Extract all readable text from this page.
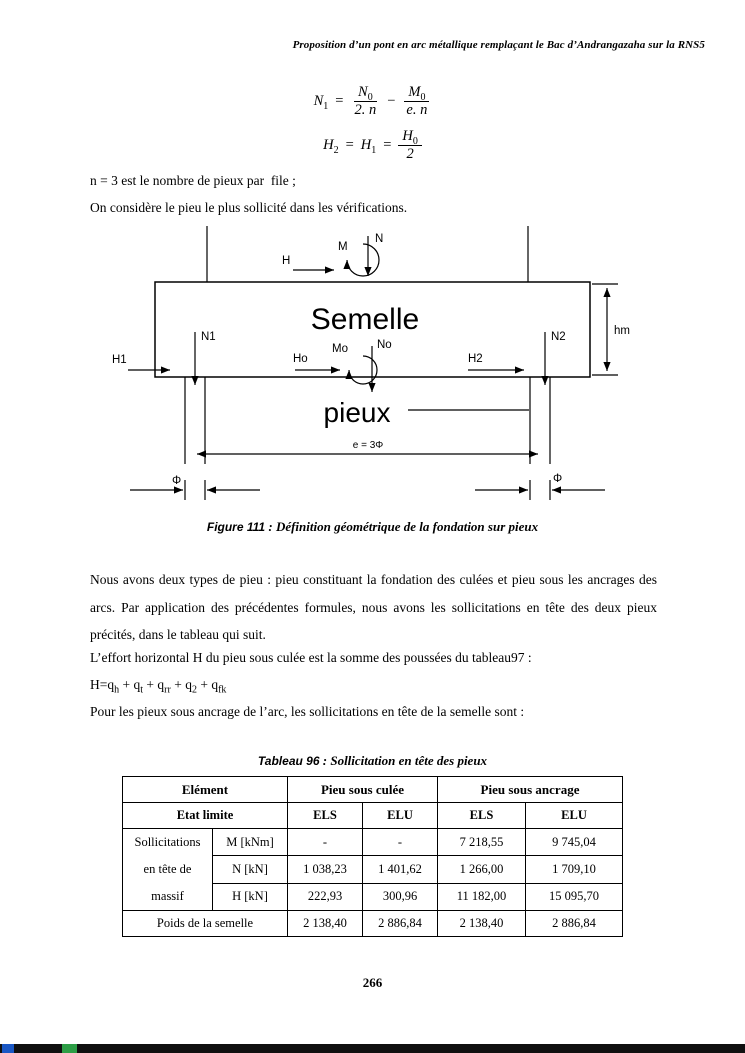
Proposition d’un pont en arc métallique remplaçant le Bac d’Andrangazaha sur la RNS5
$N_1 = \frac{N_0}{2. n} - \frac{M_0}{e. n}$
$H_2 = H_1 = \frac{H_0}{2}$
n = 3 est le nombre de pieux par  file ;
On considère le pieu le plus sollicité dans les vérifications.
N
M
H
hm
N1	N2
H1	Ho
Mo	No
H2
e = 3Φ
Φ	Φ
Semelle
pieux
Figure 111 : Définition géométrique de la fondation sur pieux
Nous avons deux types de pieu : pieu constituant la fondation des culées et pieu sous les ancrages des arcs. Par application des précédentes formules, nous avons les sollicitations en tête des deux pieux précités, dans le tableau qui suit.
L’effort horizontal H du pieu sous culée est la somme des poussées du tableau97 :
$H=q_h + q_t + q_{rr} + q_2 + q_{fk}$
Pour les pieux sous ancrage de l’arc, les sollicitations en tête de la semelle sont :
Tableau 96 : Sollicitation en tête des pieux
Elément		Pieu sous culée		Pieu sous ancrage	
Etat limite		ELS	ELU	ELS	ELU

Sollicitations
en tête de
massif	M [kNm]	-	-	7 218,55	9 745,04
	N [kN]	1 038,23	1 401,62	1 266,00	1 709,10
	H [kN]	222,93	300,96	11 182,00	15 095,70
Poids de la semelle		2 138,40	2 886,84	2 138,40	2 886,84
266
